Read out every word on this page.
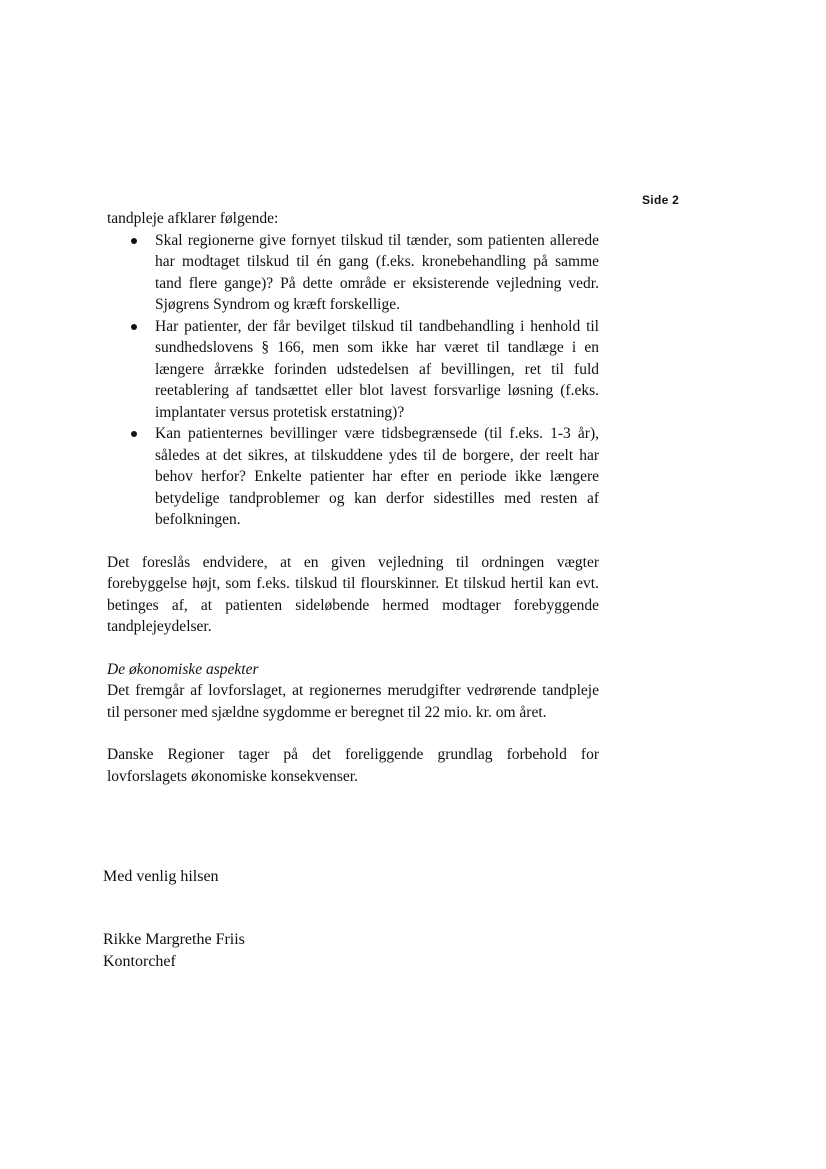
Side 2

tandpleje afklarer følgende:

Skal regionerne give fornyet tilskud til tænder, som patienten allerede har modtaget tilskud til én gang (f.eks. kronebehandling på samme tand flere gange)? På dette område er eksisterende vejledning vedr. Sjøgrens Syndrom og kræft forskellige.
Har patienter, der får bevilget tilskud til tandbehandling i henhold til sundhedslovens § 166, men som ikke har været til tandlæge i en længere årrække forinden udstedelsen af bevillingen, ret til fuld reetablering af tandsættet eller blot lavest forsvarlige løsning (f.eks. implantater versus protetisk erstatning)?
Kan patienternes bevillinger være tidsbegrænsede (til f.eks. 1-3 år), således at det sikres, at tilskuddene ydes til de borgere, der reelt har behov herfor? Enkelte patienter har efter en periode ikke længere betydelige tandproblemer og kan derfor sidestilles med resten af befolkningen.

Det foreslås endvidere, at en given vejledning til ordningen vægter forebyggelse højt, som f.eks. tilskud til flourskinner. Et tilskud hertil kan evt. betinges af, at patienten sideløbende hermed modtager forebyggende tandplejeydelser.

De økonomiske aspekter

Det fremgår af lovforslaget, at regionernes merudgifter vedrørende tandpleje til personer med sjældne sygdomme er beregnet til 22 mio. kr. om året.

Danske Regioner tager på det foreliggende grundlag forbehold for lovforslagets økonomiske konsekvenser.

Med venlig hilsen
Rikke Margrethe Friis
Kontorchef
